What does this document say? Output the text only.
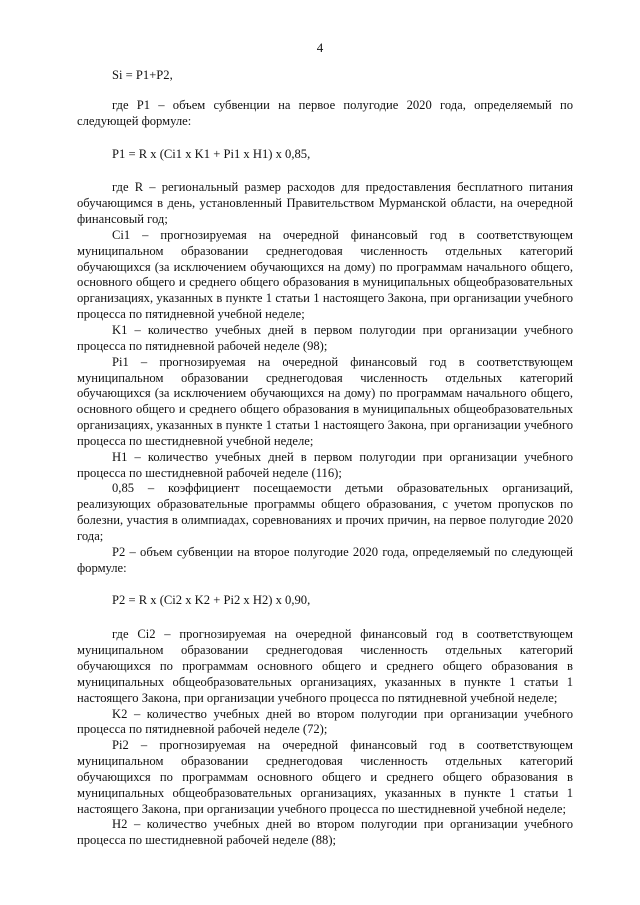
4

Si = P1+P2,

где P1 – объем субвенции на первое полугодие 2020 года, определяемый по следующей формуле:

P1 = R x (Ci1 x K1 + Pi1 x H1) x 0,85,

где R – региональный размер расходов для предоставления бесплатного питания обучающимся в день, установленный Правительством Мурманской области, на очередной финансовый год;

Ci1 – прогнозируемая на очередной финансовый год в соответствующем муниципальном образовании среднегодовая численность отдельных категорий обучающихся (за исключением обучающихся на дому) по программам начального общего, основного общего и среднего общего образования в муниципальных общеобразовательных организациях, указанных в пункте 1 статьи 1 настоящего Закона, при организации учебного процесса по пятидневной учебной неделе;

K1 – количество учебных дней в первом полугодии при организации учебного процесса по пятидневной рабочей неделе (98);

Pi1 – прогнозируемая на очередной финансовый год в соответствующем муниципальном образовании среднегодовая численность отдельных категорий обучающихся (за исключением обучающихся на дому) по программам начального общего, основного общего и среднего общего образования в муниципальных общеобразовательных организациях, указанных в пункте 1 статьи 1 настоящего Закона, при организации учебного процесса по шестидневной учебной неделе;

H1 – количество учебных дней в первом полугодии при организации учебного процесса по шестидневной рабочей неделе (116);

0,85 – коэффициент посещаемости детьми образовательных организаций, реализующих образовательные программы общего образования, с учетом пропусков по болезни, участия в олимпиадах, соревнованиях и прочих причин, на первое полугодие 2020 года;

P2 – объем субвенции на второе полугодие 2020 года, определяемый по следующей формуле:

P2 = R x (Ci2 x K2 + Pi2 x H2) x 0,90,

где Ci2 – прогнозируемая на очередной финансовый год в соответствующем муниципальном образовании среднегодовая численность отдельных категорий обучающихся по программам основного общего и среднего общего образования в муниципальных общеобразовательных организациях, указанных в пункте 1 статьи 1 настоящего Закона, при организации учебного процесса по пятидневной учебной неделе;

K2 – количество учебных дней во втором полугодии при организации учебного процесса по пятидневной рабочей неделе (72);

Pi2 – прогнозируемая на очередной финансовый год в соответствующем муниципальном образовании среднегодовая численность отдельных категорий обучающихся по программам основного общего и среднего общего образования в муниципальных общеобразовательных организациях, указанных в пункте 1 статьи 1 настоящего Закона, при организации учебного процесса по шестидневной учебной неделе;

H2 – количество учебных дней во втором полугодии при организации учебного процесса по шестидневной рабочей неделе (88);
